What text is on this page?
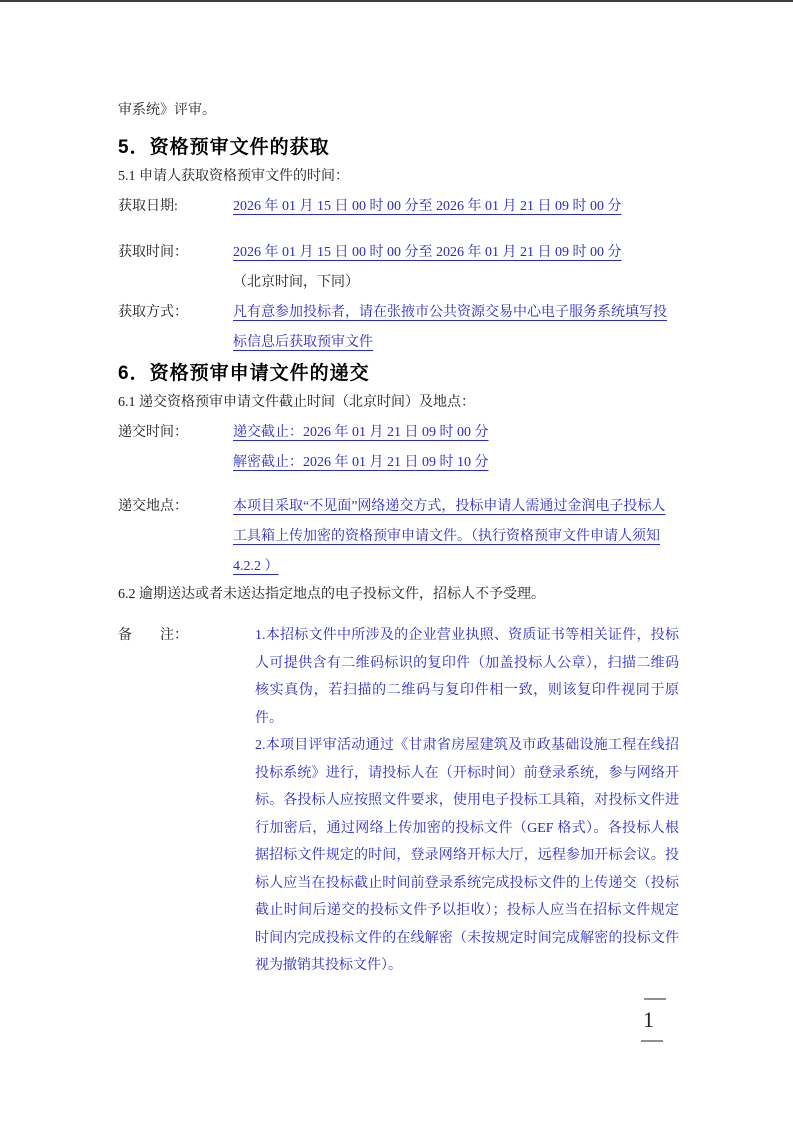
审系统》评审。

5．资格预审文件的获取

5.1 申请人获取资格预审文件的时间：

获取日期:	2026 年 01 月 15 日 00 时 00 分至 2026 年 01 月 21 日 09 时 00 分
获取时间：	2026 年 01 月 15 日 00 时 00 分至 2026 年 01 月 21 日 09 时 00 分
（北京时间，下同）
获取方式：	凡有意参加投标者，请在张掖市公共资源交易中心电子服务系统填写投标信息后获取预审文件
6．资格预审申请文件的递交

6.1 递交资格预审申请文件截止时间（北京时间）及地点：

递交时间：	递交截止：2026 年 01 月 21 日 09 时 00 分
解密截止：2026 年 01 月 21 日 09 时 10 分
递交地点：	本项目采取“不见面”网络递交方式，投标申请人需通过金润电子投标人工具箱上传加密的资格预审申请文件。（执行资格预审文件申请人须知 4.2.2 ）

6.2 逾期送达或者未送达指定地点的电子投标文件，招标人不予受理。

备　　注：	1.本招标文件中所涉及的企业营业执照、资质证书等相关证件，投标人可提供含有二维码标识的复印件（加盖投标人公章），扫描二维码核实真伪，若扫描的二维码与复印件相一致，则该复印件视同于原件。

2.本项目评审活动通过《甘肃省房屋建筑及市政基础设施工程在线招投标系统》进行，请投标人在（开标时间）前登录系统，参与网络开标。各投标人应按照文件要求，使用电子投标工具箱，对投标文件进行加密后，通过网络上传加密的投标文件（GEF 格式）。各投标人根据招标文件规定的时间，登录网络开标大厅，远程参加开标会议。投标人应当在投标截止时间前登录系统完成投标文件的上传递交（投标截止时间后递交的投标文件予以拒收）；投标人应当在招标文件规定时间内完成投标文件的在线解密（未按规定时间完成解密的投标文件视为撤销其投标文件）。

1
